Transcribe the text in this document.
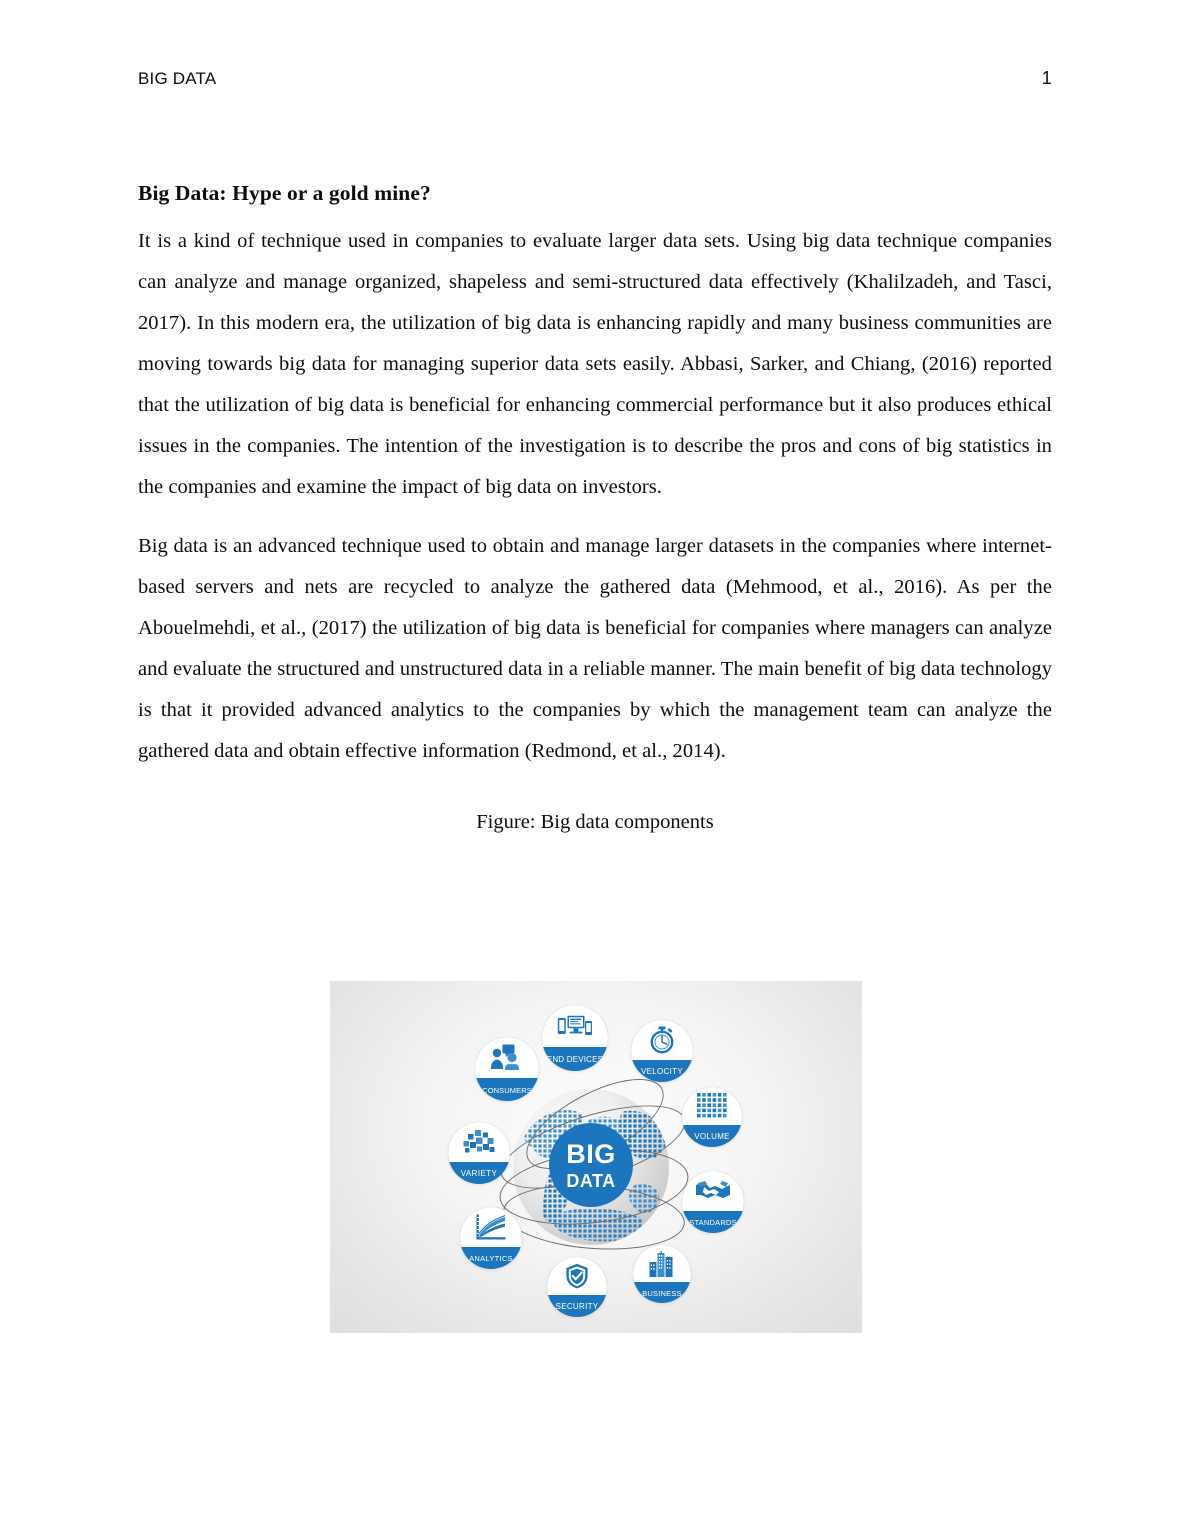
BIG DATA	1
Big Data: Hype or a gold mine?

It is a kind of technique used in companies to evaluate larger data sets. Using big data technique companies can analyze and manage organized, shapeless and semi-structured data effectively (Khalilzadeh, and Tasci, 2017). In this modern era, the utilization of big data is enhancing rapidly and many business communities are moving towards big data for managing superior data sets easily. Abbasi, Sarker, and Chiang, (2016) reported that the utilization of big data is beneficial for enhancing commercial performance but it also produces ethical issues in the companies. The intention of the investigation is to describe the pros and cons of big statistics in the companies and examine the impact of big data on investors.

Big data is an advanced technique used to obtain and manage larger datasets in the companies where internet-based servers and nets are recycled to analyze the gathered data (Mehmood, et al., 2016). As per the Abouelmehdi, et al., (2017) the utilization of big data is beneficial for companies where managers can analyze and evaluate the structured and unstructured data in a reliable manner. The main benefit of big data technology is that it provided advanced analytics to the companies by which the management team can analyze the gathered data and obtain effective information (Redmond, et al., 2014).

Figure: Big data components

BIG
DATA
END DEVICES
VELOCITY
VOLUME
STANDARDS
BUSINESS
SECURITY
ANALYTICS
VARIETY
CONSUMERS
